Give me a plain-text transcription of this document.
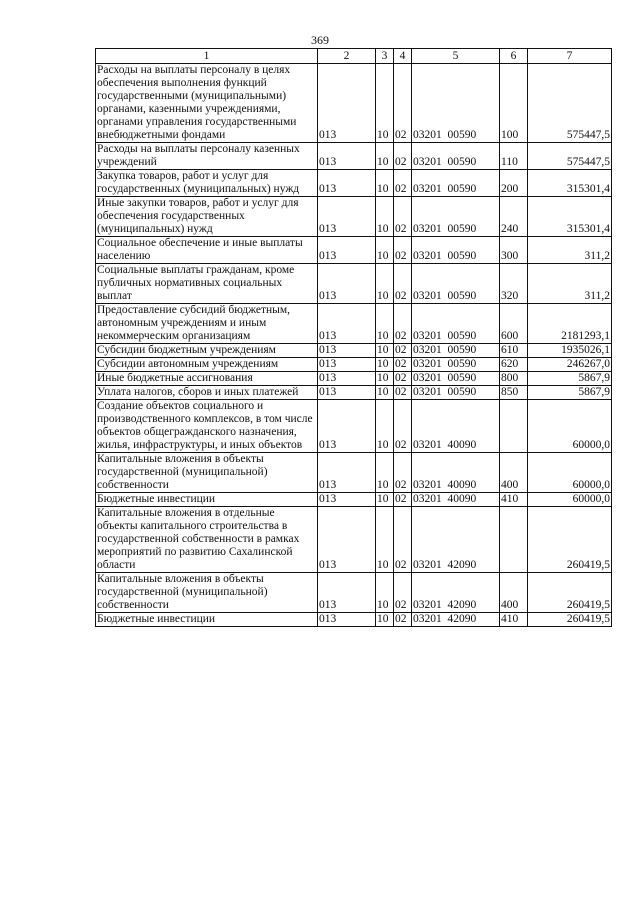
369
1	2	3	4	5	6	7
Расходы на выплаты персоналу в целях обеспечения выполнения функций государственными (муниципальными) органами, казенными учреждениями, органами управления государственными внебюджетными фондами	013	10	02	03201  00590	100	575447,5
Расходы на выплаты персоналу казенных учреждений	013	10	02	03201  00590	110	575447,5
Закупка товаров, работ и услуг для государственных (муниципальных) нужд	013	10	02	03201  00590	200	315301,4
Иные закупки товаров, работ и услуг для обеспечения государственных (муниципальных) нужд	013	10	02	03201  00590	240	315301,4
Социальное обеспечение и иные выплаты населению	013	10	02	03201  00590	300	311,2
Социальные выплаты гражданам, кроме публичных нормативных социальных выплат	013	10	02	03201  00590	320	311,2
Предоставление субсидий бюджетным, автономным учреждениям и иным некоммерческим организациям	013	10	02	03201  00590	600	2181293,1
Субсидии бюджетным учреждениям	013	10	02	03201  00590	610	1935026,1
Субсидии автономным учреждениям	013	10	02	03201  00590	620	246267,0
Иные бюджетные ассигнования	013	10	02	03201  00590	800	5867,9
Уплата налогов, сборов и иных платежей	013	10	02	03201  00590	850	5867,9
Создание объектов социального и производственного комплексов, в том числе объектов общегражданского назначения, жилья, инфраструктуры, и иных объектов	013	10	02	03201  40090		60000,0
Капитальные вложения в объекты государственной (муниципальной) собственности	013	10	02	03201  40090	400	60000,0
Бюджетные инвестиции	013	10	02	03201  40090	410	60000,0
Капитальные вложения в отдельные объекты капитального строительства в государственной собственности в рамках мероприятий по развитию Сахалинской области	013	10	02	03201  42090		260419,5
Капитальные вложения в объекты государственной (муниципальной) собственности	013	10	02	03201  42090	400	260419,5
Бюджетные инвестиции	013	10	02	03201  42090	410	260419,5
